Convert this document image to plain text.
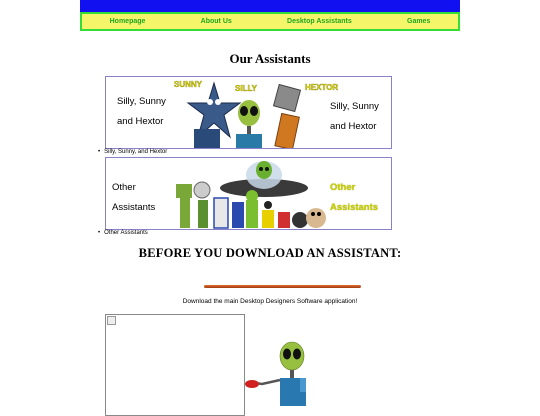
Homepage	About Us	Desktop Assistants	Games
Our Assistants
Silly, Sunny
and Hextor
Silly, Sunny
and Hextor
SUNNY	SILLY	HEXTOR
• Silly, Sunny, and Hextor
Other
Assistants
Other
Assistants
• Other Assistants
BEFORE YOU DOWNLOAD AN ASSISTANT:
Download the main Desktop Designers Software application!
